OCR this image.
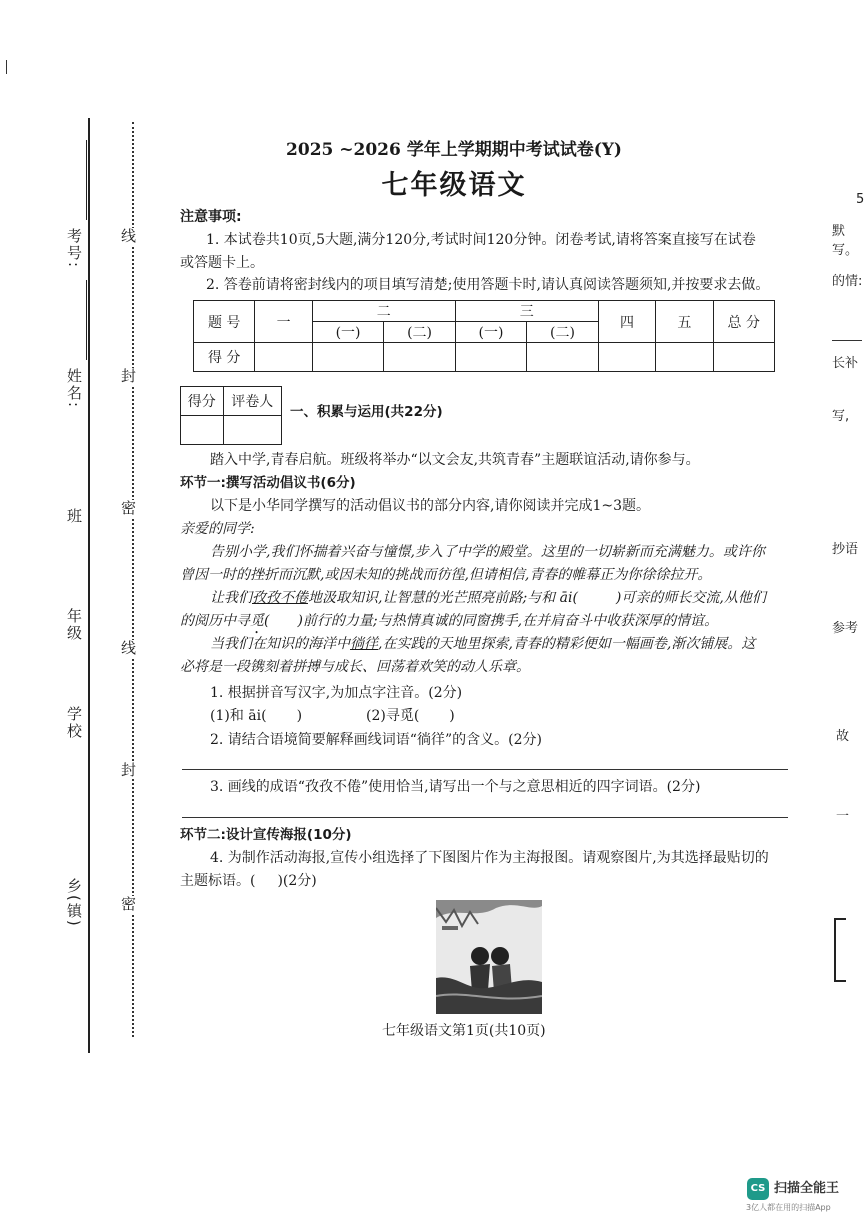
考号:
姓名:
班
年级
学校
乡(镇)
线
封
密
线
封
密
2025 ~2026 学年上学期期中考试试卷(Y)
七年级语文
注意事项:
1. 本试卷共10页,5大题,满分120分,考试时间120分钟。闭卷考试,请将答案直接写在试卷
或答题卡上。
2. 答卷前请将密封线内的项目填写清楚;使用答题卡时,请认真阅读答题须知,并按要求去做。
题 号	一	二		三		四	五	总 分
		(一)	(二)	(一)	(二)			
得 分								
得分	评卷人

一、积累与运用(共22分)
踏入中学,青春启航。班级将举办“以文会友,共筑青春”主题联谊活动,请你参与。
环节一:撰写活动倡议书(6分)
以下是小华同学撰写的活动倡议书的部分内容,请你阅读并完成1~3题。
亲爱的同学:
告别小学,我们怀揣着兴奋与憧憬,步入了中学的殿堂。这里的一切崭新而充满魅力。或许你
曾因一时的挫折而沉默,或因未知的挑战而彷徨,但请相信,青春的帷幕正为你徐徐拉开。
让我们孜孜不倦地汲取知识,让智慧的光芒照亮前路;与和 āi(	)可亲的师长交流,从他们
的阅历中寻觅( )前行的力量;与热情真诚的同窗携手,在并肩奋斗中收获深厚的情谊。
当我们在知识的海洋中徜徉,在实践的天地里探索,青春的精彩便如一幅画卷,渐次铺展。这
必将是一段镌刻着拼搏与成长、回荡着欢笑的动人乐章。
1. 根据拼音写汉字,为加点字注音。(2分)
(1)和 āi( )	(2)寻觅( )
2. 请结合语境简要解释画线词语“徜徉”的含义。(2分)
3. 画线的成语“孜孜不倦”使用恰当,请写出一个与之意思相近的四字词语。(2分)
环节二:设计宣传海报(10分)
4. 为制作活动海报,宣传小组选择了下图图片作为主海报图。请观察图片,为其选择最贴切的
主题标语。( )(2分)
七年级语文第1页(共10页)
5
默写。
的情:
长补
写,
抄语
参考
故
一
CS 扫描全能王
3亿人都在用的扫描App
